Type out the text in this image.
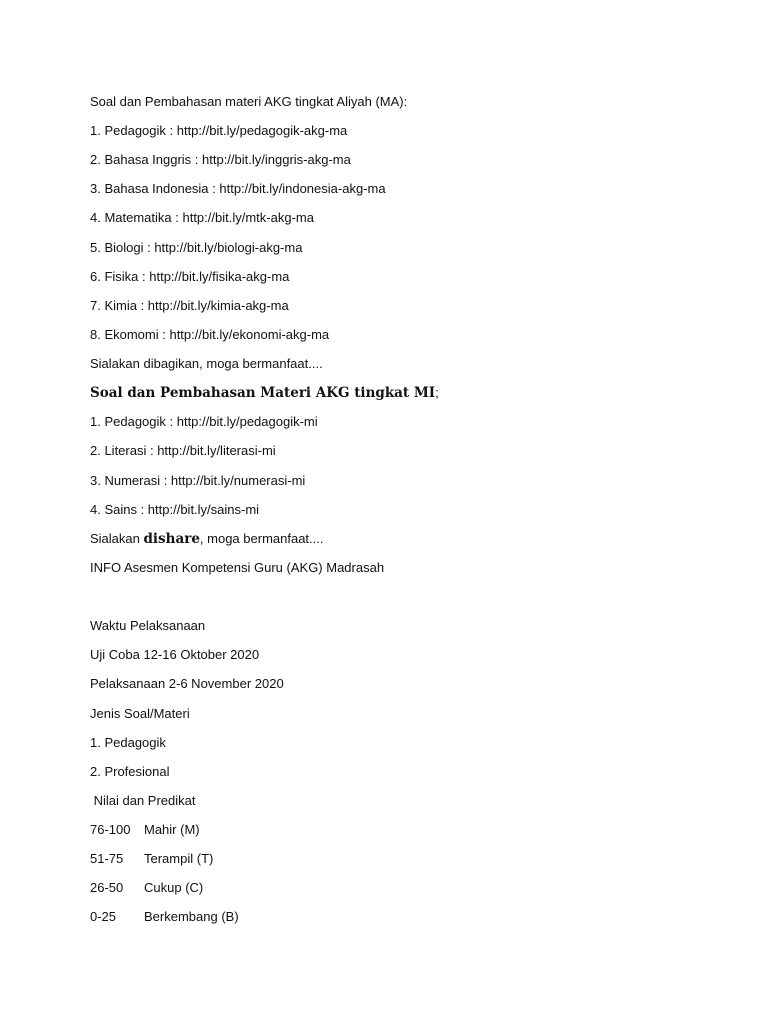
Soal dan Pembahasan materi AKG tingkat Aliyah (MA):
1. Pedagogik : http://bit.ly/pedagogik-akg-ma
2. Bahasa Inggris : http://bit.ly/inggris-akg-ma
3. Bahasa Indonesia : http://bit.ly/indonesia-akg-ma
4. Matematika : http://bit.ly/mtk-akg-ma
5. Biologi : http://bit.ly/biologi-akg-ma
6. Fisika : http://bit.ly/fisika-akg-ma
7. Kimia : http://bit.ly/kimia-akg-ma
8. Ekomomi : http://bit.ly/ekonomi-akg-ma
Sialakan dibagikan, moga bermanfaat....
Soal dan Pembahasan Materi AKG tingkat MI;
1. Pedagogik : http://bit.ly/pedagogik-mi
2. Literasi : http://bit.ly/literasi-mi
3. Numerasi : http://bit.ly/numerasi-mi
4. Sains : http://bit.ly/sains-mi
Sialakan dishare, moga bermanfaat....
INFO Asesmen Kompetensi Guru (AKG) Madrasah
Waktu Pelaksanaan
Uji Coba 12-16 Oktober 2020
Pelaksanaan 2-6 November 2020
Jenis Soal/Materi
1. Pedagogik
2. Profesional
Nilai dan Predikat
76-100 Mahir (M)
51-75 Terampil (T)
26-50 Cukup (C)
0-25 Berkembang (B)
